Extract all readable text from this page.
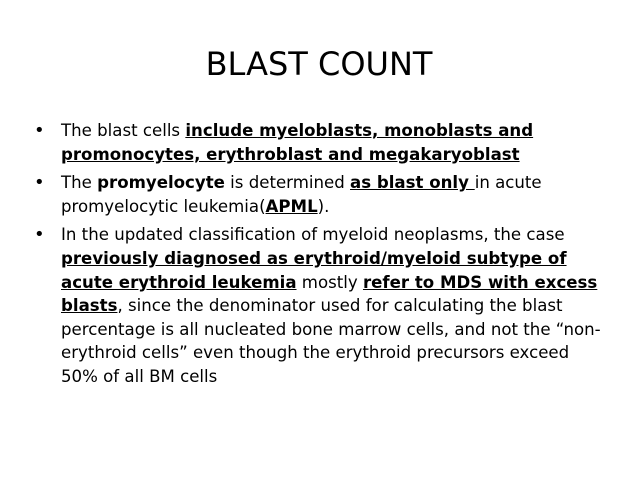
BLAST COUNT
• The blast cells include myeloblasts, monoblasts and promonocytes, erythroblast and megakaryoblast
• The promyelocyte is determined as blast only in acute promyelocytic leukemia(APML).
• In the updated classification of myeloid neoplasms, the case previously diagnosed as erythroid/myeloid subtype of acute erythroid leukemia mostly refer to MDS with excess blasts, since the denominator used for calculating the blast percentage is all nucleated bone marrow cells, and not the “non-erythroid cells” even though the erythroid precursors exceed 50% of all BM cells
